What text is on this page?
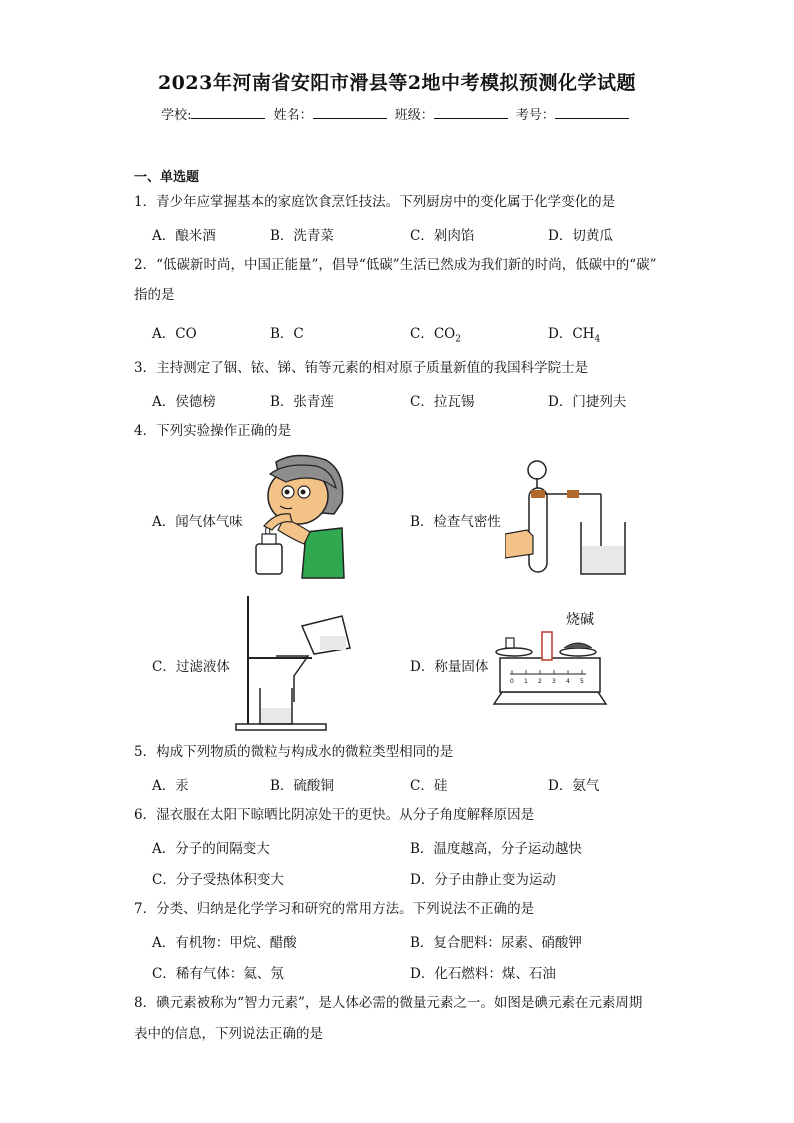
2023年河南省安阳市滑县等2地中考模拟预测化学试题
学校:	姓名：	班级：	考号：
一、单选题
1．青少年应掌握基本的家庭饮食烹饪技法。下列厨房中的变化属于化学变化的是
A．酿米酒	B．洗青菜	C．剁肉馅	D．切黄瓜
2．“低碳新时尚，中国正能量”，倡导“低碳”生活已然成为我们新的时尚，低碳中的“碳”
指的是
A．CO	B．C	C．$CO_2$	D．$CH_4$
3．主持测定了铟、铱、锑、铕等元素的相对原子质量新值的我国科学院士是
A．侯德榜	B．张青莲	C．拉瓦锡	D．门捷列夫
4．下列实验操作正确的是
A．闻气体气味	B．检查气密性
C．过滤液体	D．称量固体
烧碱
0 1 2 3 4 5
5．构成下列物质的微粒与构成水的微粒类型相同的是
A．汞	B．硫酸铜	C．硅	D．氨气
6．湿衣服在太阳下晾晒比阴凉处干的更快。从分子角度解释原因是
A．分子的间隔变大	B．温度越高，分子运动越快
C．分子受热体积变大	D．分子由静止变为运动
7．分类、归纳是化学学习和研究的常用方法。下列说法不正确的是
A．有机物：甲烷、醋酸	B．复合肥料：尿素、硝酸钾
C．稀有气体：氦、氖	D．化石燃料：煤、石油
8．碘元素被称为“智力元素”，是人体必需的微量元素之一。如图是碘元素在元素周期
表中的信息，下列说法正确的是
